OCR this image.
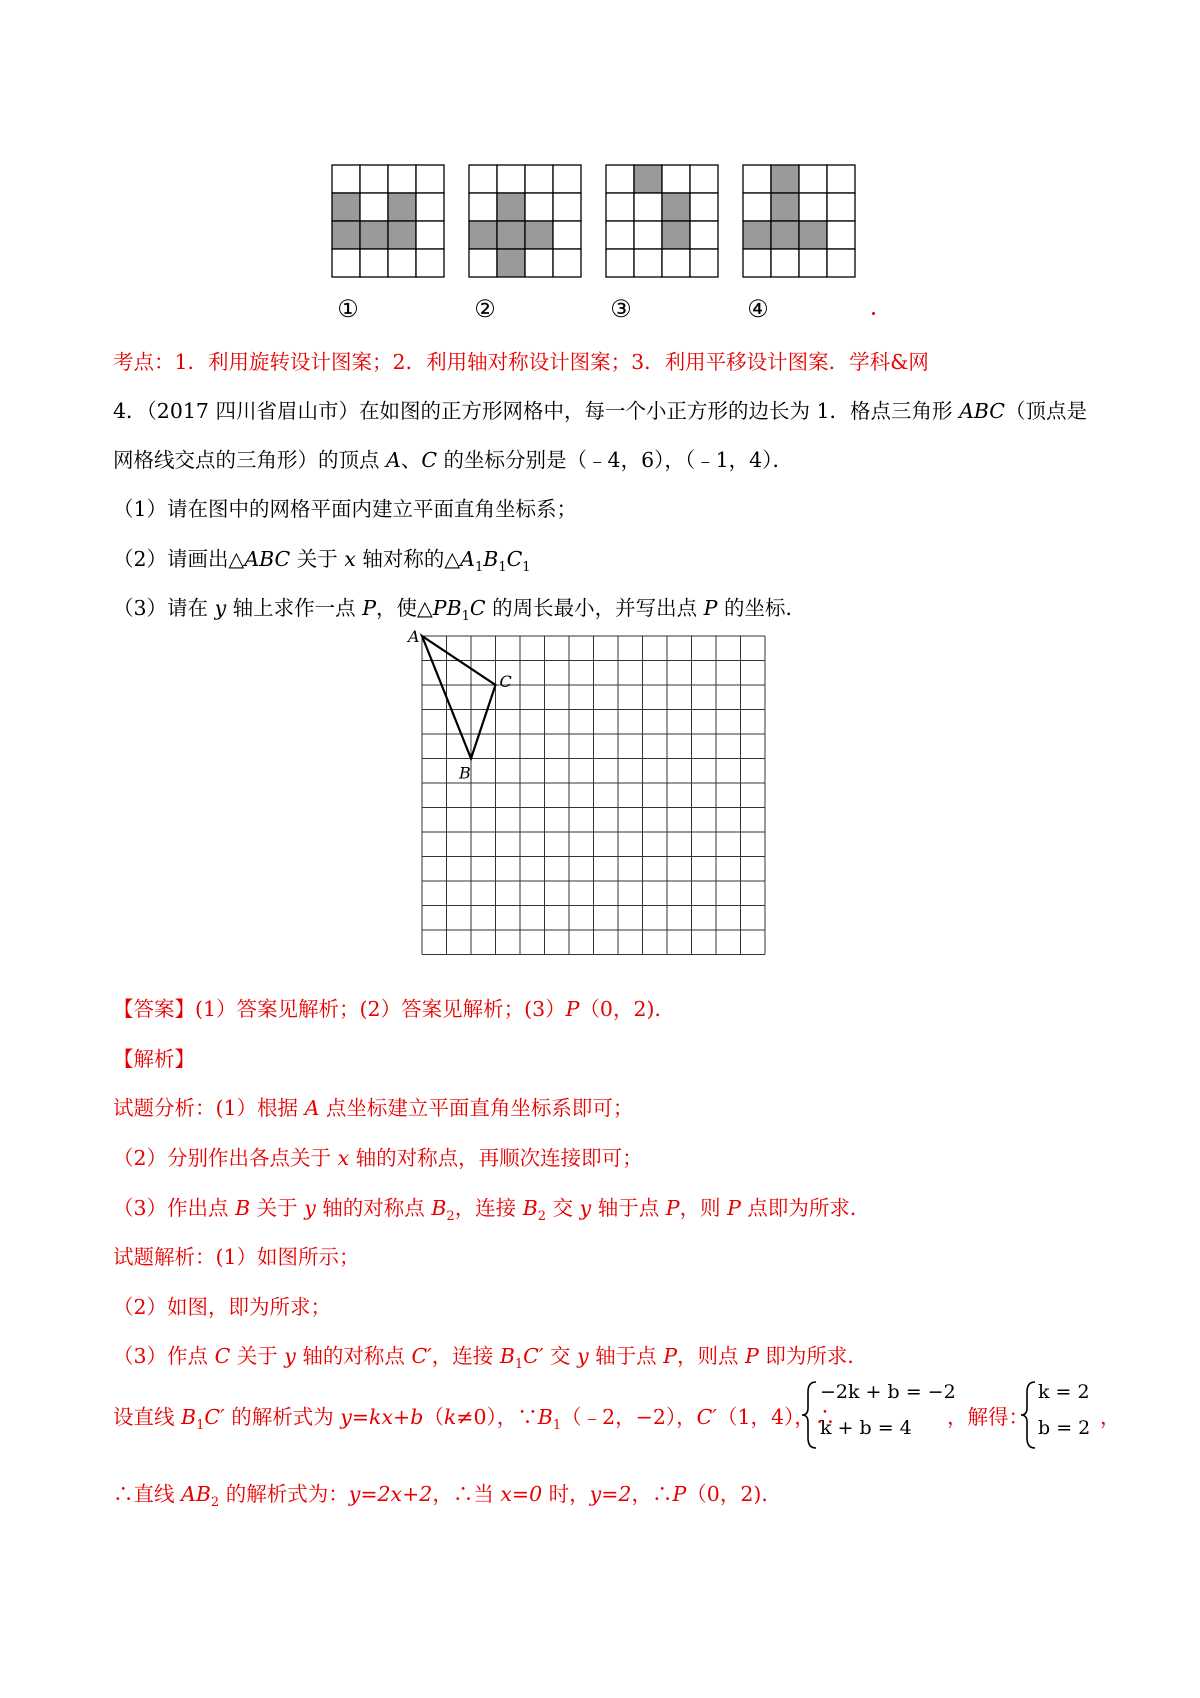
①	②	③	④
考点：1．利用旋转设计图案；2．利用轴对称设计图案；3．利用平移设计图案．学科&网
4．（2017 四川省眉山市）在如图的正方形网格中，每一个小正方形的边长为 1．格点三角形 ABC（顶点是
网格线交点的三角形）的顶点 A、C 的坐标分别是（﹣4，6），（﹣1，4）．
（1）请在图中的网格平面内建立平面直角坐标系；
（2）请画出△ABC 关于 x 轴对称的$\triangle A_1B_1C_1$
（3）请在 y 轴上求作一点 P，使$\triangle PB_1C$ 的周长最小，并写出点 P 的坐标．
A
B
C
【答案】(1）答案见解析；(2）答案见解析；(3）P（0，2)．
【解析】
试题分析：(1）根据 A 点坐标建立平面直角坐标系即可；
（2）分别作出各点关于 x 轴的对称点，再顺次连接即可；
（3）作出点 B 关于 y 轴的对称点 $B_2$，连接 $B_2$ 交 y 轴于点 P，则 P 点即为所求．
试题解析：(1）如图所示；
（2）如图，即为所求；
（3）作点 C 关于 y 轴的对称点 C′，连接 $B_1C'$ 交 y 轴于点 P，则点 P 即为所求．
设直线 $B_1C'$ 的解析式为 y=kx+b（k≠0），$\because B_1(﹣2$，−2），C′（1，4），∴
−2k + b = −2
k + b = 4 ，解得：
k = 2
b = 2 ，
∴直线 $AB_2$ 的解析式为：y=2x+2，∴当 x=0 时，y=2，∴P（0，2)．
